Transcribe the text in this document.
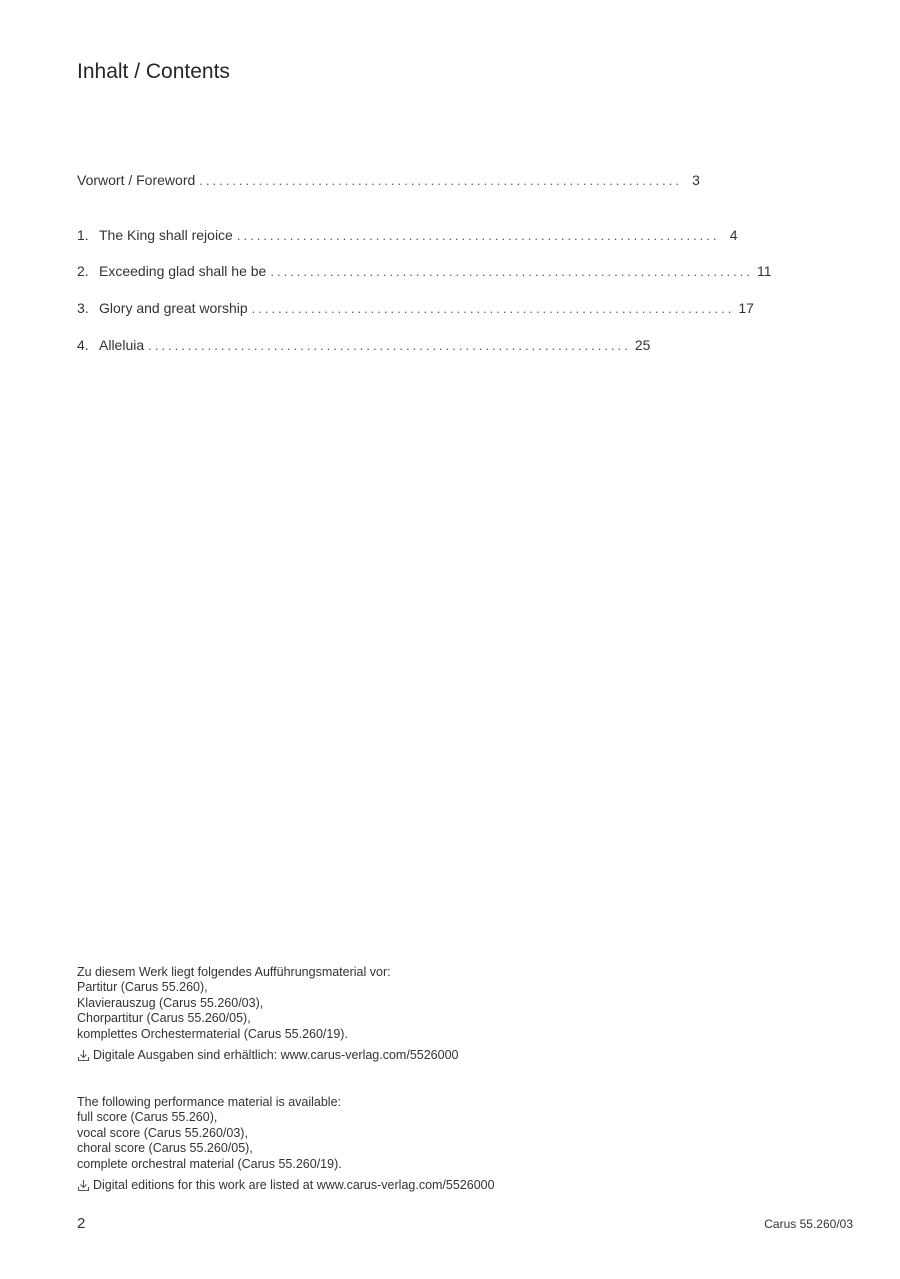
Inhalt / Contents
Vorwort / Foreword ......................................................................... 3
1. The King shall rejoice ......................................................................... 4
2. Exceeding glad shall he be ......................................................................... 11
3. Glory and great worship ......................................................................... 17
4. Alleluia ......................................................................... 25

Zu diesem Werk liegt folgendes Aufführungsmaterial vor:

Partitur (Carus 55.260),

Klavierauszug (Carus 55.260/03),

Chorpartitur (Carus 55.260/05),

komplettes Orchestermaterial (Carus 55.260/19).

Digitale Ausgaben sind erhältlich: www.carus-verlag.com/5526000

The following performance material is available:

full score (Carus 55.260),

vocal score (Carus 55.260/03),

choral score (Carus 55.260/05),

complete orchestral material (Carus 55.260/19).

Digital editions for this work are listed at www.carus-verlag.com/5526000

2	Carus 55.260/03
